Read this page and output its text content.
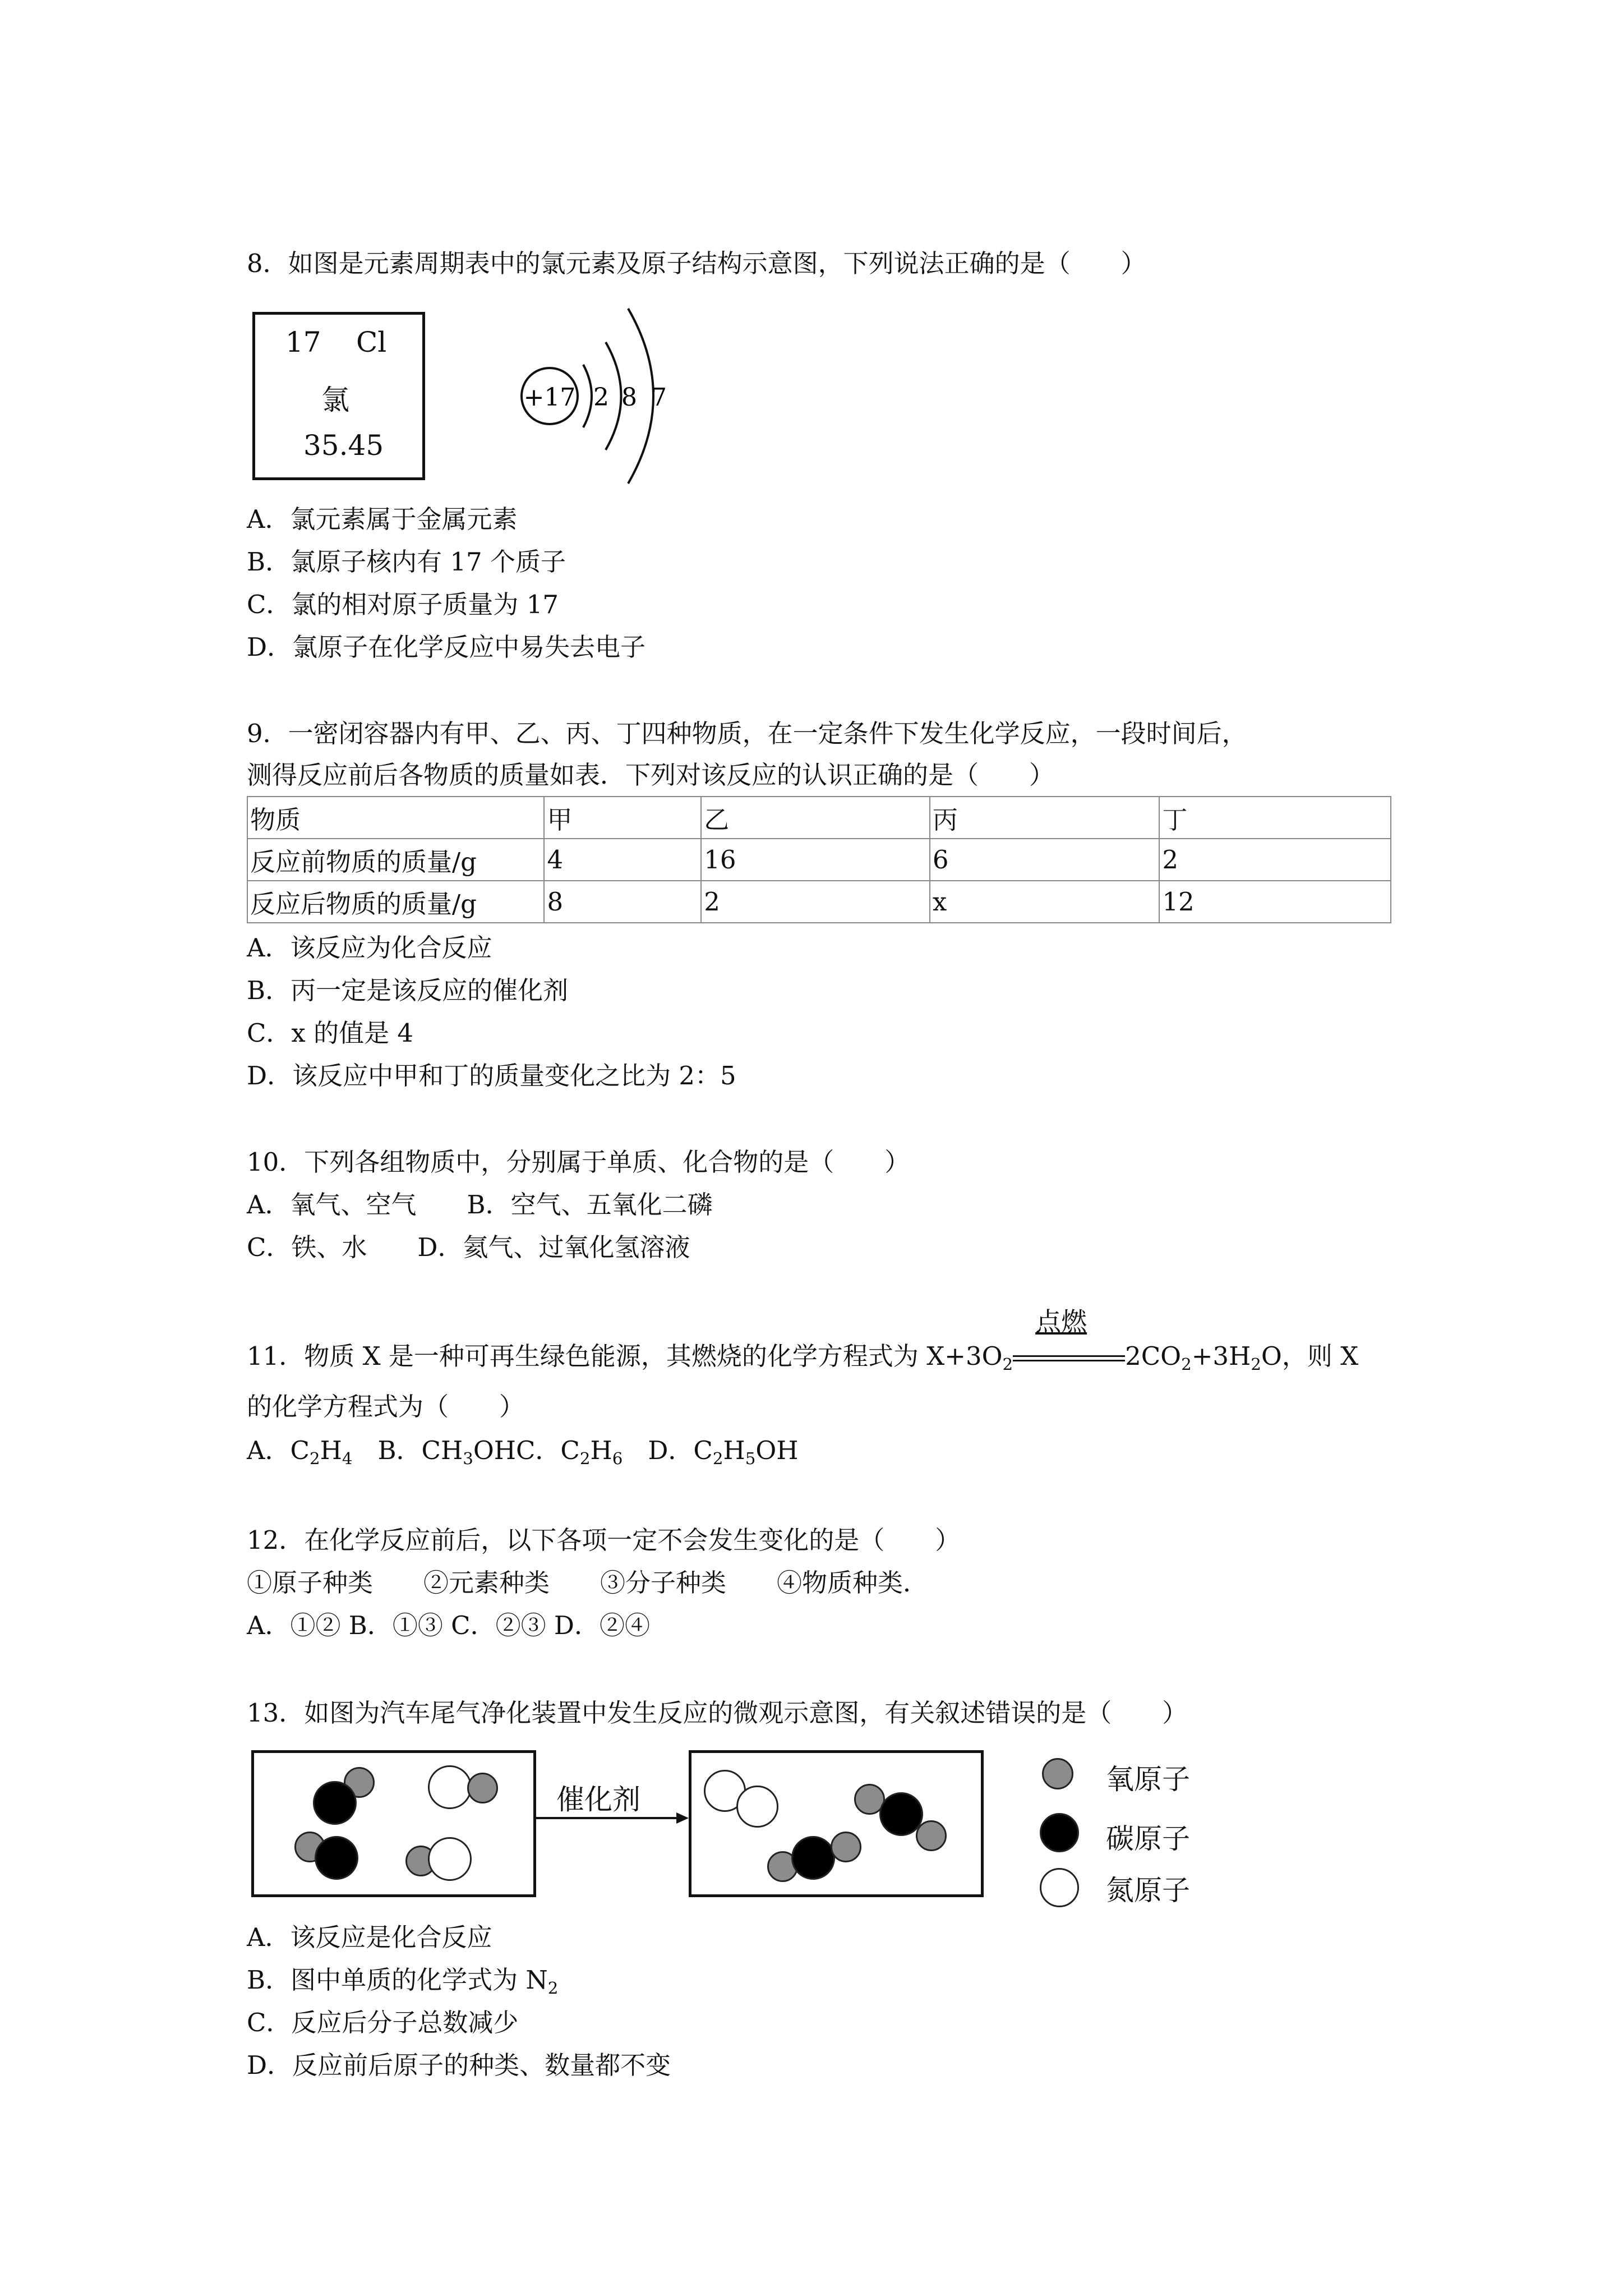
8．如图是元素周期表中的氯元素及原子结构示意图，下列说法正确的是（　　）
17 Cl
氯
35.45
+17 2 8 7
A．氯元素属于金属元素
B．氯原子核内有 17 个质子
C．氯的相对原子质量为 17
D．氯原子在化学反应中易失去电子
9．一密闭容器内有甲、乙、丙、丁四种物质，在一定条件下发生化学反应，一段时间后，
测得反应前后各物质的质量如表．下列对该反应的认识正确的是（　　）
物质	甲	乙	丙	丁
反应前物质的质量/g	4	16	6	2
反应后物质的质量/g	8	2	x	12
A．该反应为化合反应
B．丙一定是该反应的催化剂
C．x 的值是 4
D．该反应中甲和丁的质量变化之比为 2：5
10．下列各组物质中，分别属于单质、化合物的是（　　）
A．氧气、空气　　B．空气、五氧化二磷
C．铁、水　　D．氦气、过氧化氢溶液
11．物质 X 是一种可再生绿色能源，其燃烧的化学方程式为 $X+3O_2$
点燃
$2CO_2+3H_2O$，则 X
的化学方程式为（　　）
A．$C_2H_4$　B．$CH_3OHC$．$C_2H_6$　D．$C_2H_5OH$
12．在化学反应前后，以下各项一定不会发生变化的是（　　）
①原子种类　　②元素种类　　③分子种类　　④物质种类．
A．①② B．①③ C．②③ D．②④
13．如图为汽车尾气净化装置中发生反应的微观示意图，有关叙述错误的是（　　）
催化剂
氧原子
碳原子
氮原子
A．该反应是化合反应
B．图中单质的化学式为 $N_2$
C．反应后分子总数减少
D．反应前后原子的种类、数量都不变
